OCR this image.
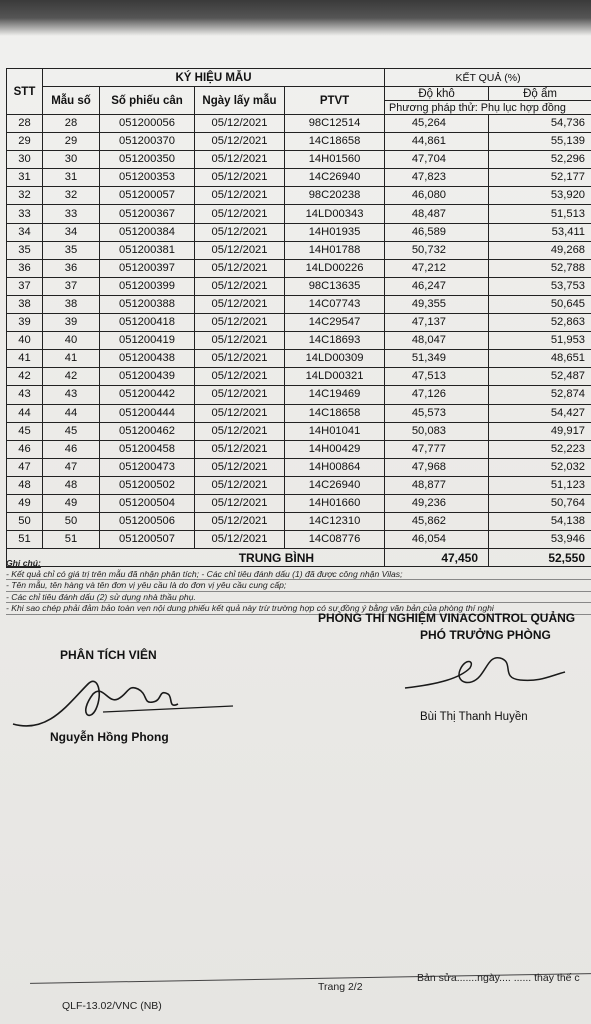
STT	KÝ HIỆU MẪU				KẾT QUẢ (%)	
	Mẫu số	Số phiếu cân	Ngày lấy mẫu	PTVT	Độ khô	Độ ẩm
					Phương pháp thử: Phụ lục hợp đồng	
28	28	051200056	05/12/2021	98C12514	45,264	54,736
29	29	051200370	05/12/2021	14C18658	44,861	55,139
30	30	051200350	05/12/2021	14H01560	47,704	52,296
31	31	051200353	05/12/2021	14C26940	47,823	52,177
32	32	051200057	05/12/2021	98C20238	46,080	53,920
33	33	051200367	05/12/2021	14LD00343	48,487	51,513
34	34	051200384	05/12/2021	14H01935	46,589	53,411
35	35	051200381	05/12/2021	14H01788	50,732	49,268
36	36	051200397	05/12/2021	14LD00226	47,212	52,788
37	37	051200399	05/12/2021	98C13635	46,247	53,753
38	38	051200388	05/12/2021	14C07743	49,355	50,645
39	39	051200418	05/12/2021	14C29547	47,137	52,863
40	40	051200419	05/12/2021	14C18693	48,047	51,953
41	41	051200438	05/12/2021	14LD00309	51,349	48,651
42	42	051200439	05/12/2021	14LD00321	47,513	52,487
43	43	051200442	05/12/2021	14C19469	47,126	52,874
44	44	051200444	05/12/2021	14C18658	45,573	54,427
45	45	051200462	05/12/2021	14H01041	50,083	49,917
46	46	051200458	05/12/2021	14H00429	47,777	52,223
47	47	051200473	05/12/2021	14H00864	47,968	52,032
48	48	051200502	05/12/2021	14C26940	48,877	51,123
49	49	051200504	05/12/2021	14H01660	49,236	50,764
50	50	051200506	05/12/2021	14C12310	45,862	54,138
51	51	051200507	05/12/2021	14C08776	46,054	53,946
TRUNG BÌNH					47,450	52,550
Ghi chú:
- Kết quả chỉ có giá trị trên mẫu đã nhận phân tích; - Các chỉ tiêu đánh dấu (1) đã được công nhận Vilas;
- Tên mẫu, tên hàng và tên đơn vị yêu cầu là do đơn vị yêu cầu cung cấp;
- Các chỉ tiêu đánh dấu (2) sử dụng nhà thầu phụ.
- Khi sao chép phải đảm bảo toàn vẹn nội dung phiếu kết quả này trừ trường hợp có sự đồng ý bằng văn bản của phòng thí nghi
PHÒNG THÍ NGHIỆM VINACONTROL QUẢNG
PHÓ TRƯỞNG PHÒNG
PHÂN TÍCH VIÊN
Nguyễn Hồng Phong
Bùi Thị Thanh Huyền
QLF-13.02/VNC (NB)
Trang 2/2
Bản sửa.......ngày.... ...... thay thế c
